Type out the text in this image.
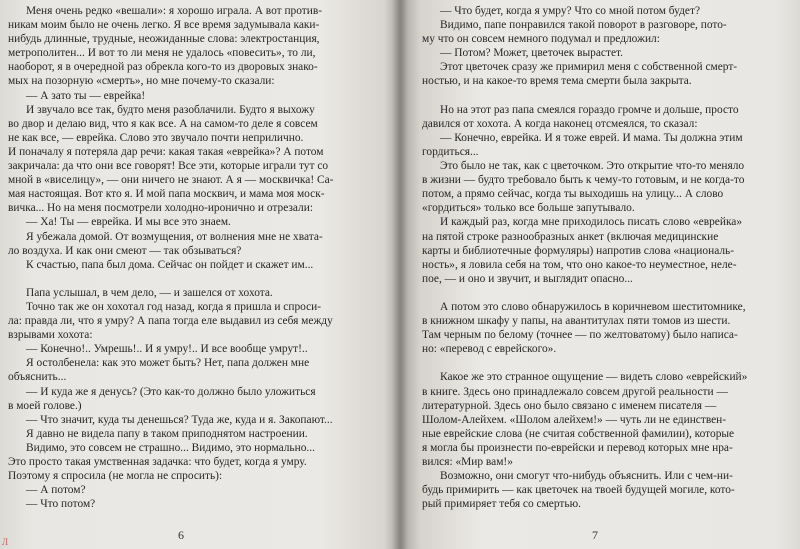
Меня очень редко «вешали»: я хорошо играла. А вот против-
никам моим было не очень легко. Я все время задумывала каки-
нибудь длинные, трудные, неожиданные слова: электростанция,
метрополитен... И вот то ли меня не удалось «повесить», то ли,
наоборот, я в очередной раз обрекла кого-то из дворовых знако-
мых на позорную «смерть», но мне почему-то сказали:
— А зато ты — еврейка!
И звучало все так, будто меня разоблачили. Будто я выхожу
во двор и делаю вид, что я как все. А на самом-то деле я совсем
не как все, — еврейка. Слово это звучало почти неприлично.
И поначалу я потеряла дар речи: какая такая «еврейка»? А потом
закричала: да что они все говорят! Все эти, которые играли тут со
мной в «виселицу», — они ничего не знают. А я — москвичка! Са-
мая настоящая. Вот кто я. И мой папа москвич, и мама моя моск-
вичка... Но на меня посмотрели холодно-иронично и отрезали:
— Ха! Ты — еврейка. И мы все это знаем.
Я убежала домой. От возмущения, от волнения мне не хвата-
ло воздуха. И как они смеют — так обзываться?
К счастью, папа был дома. Сейчас он пойдет и скажет им...
Папа услышал, в чем дело, — и зашелся от хохота.
Точно так же он хохотал год назад, когда я пришла и спроси-
ла: правда ли, что я умру? А папа тогда еле выдавил из себя между
взрывами хохота:
— Конечно!.. Умрешь!.. И я умру!.. И все вообще умрут!..
Я остолбенела: как это может быть? Нет, папа должен мне
объяснить...
— И куда же я денусь? (Это как-то должно было уложиться
в моей голове.)
— Что значит, куда ты денешься? Туда же, куда и я. Закопают...
Я давно не видела папу в таком приподнятом настроении.
Видимо, это совсем не страшно... Видимо, это нормально...
Это просто такая умственная задачка: что будет, когда я умру.
Поэтому я спросила (не могла не спросить):
— А потом?
— Что потом?
6
Л
— Что будет, когда я умру? Что со мной потом будет?
Видимо, папе понравился такой поворот в разговоре, пото-
му что он совсем немного подумал и предложил:
— Потом? Может, цветочек вырастет.
Этот цветочек сразу же примирил меня с собственной смерт-
ностью, и на какое-то время тема смерти была закрыта.
Но на этот раз папа смеялся гораздо громче и дольше, просто
давился от хохота. А когда наконец отсмеялся, то сказал:
— Конечно, еврейка. И я тоже еврей. И мама. Ты должна этим
гордиться...
Это было не так, как с цветочком. Это открытие что-то меняло
в жизни — будто требовало быть к чему-то готовым, и не когда-то
потом, а прямо сейчас, когда ты выходишь на улицу... А слово
«гордиться» только все больше запутывало.
И каждый раз, когда мне приходилось писать слово «еврейка»
на пятой строке разнообразных анкет (включая медицинские
карты и библиотечные формуляры) напротив слова «националь-
ность», я ловила себя на том, что оно какое-то неуместное, нелe-
пое, — и оно и звучит, и выглядит опасно...
А потом это слово обнаружилось в коричневом шеститомнике,
в книжном шкафу у папы, на авантитулах пяти томов из шести.
Там черным по белому (точнее — по желтоватому) было написа-
но: «перевод с еврейского».
Какое же это странное ощущение — видеть слово «еврейский»
в книге. Здесь оно принадлежало совсем другой реальности —
литературной. Здесь оно было связано с именем писателя —
Шолом-Алейхем. «Шолом алейхем!» — чуть ли не единствен-
ные еврейские слова (не считая собственной фамилии), которые
я могла бы произнести по-еврейски и перевод которых мне нра-
вился: «Мир вам!»
Возможно, они смогут что-нибудь объяснить. Или с чем-ни-
будь примирить — как цветочек на твоей будущей могиле, кото-
рый примиряет тебя со смертью.
7
